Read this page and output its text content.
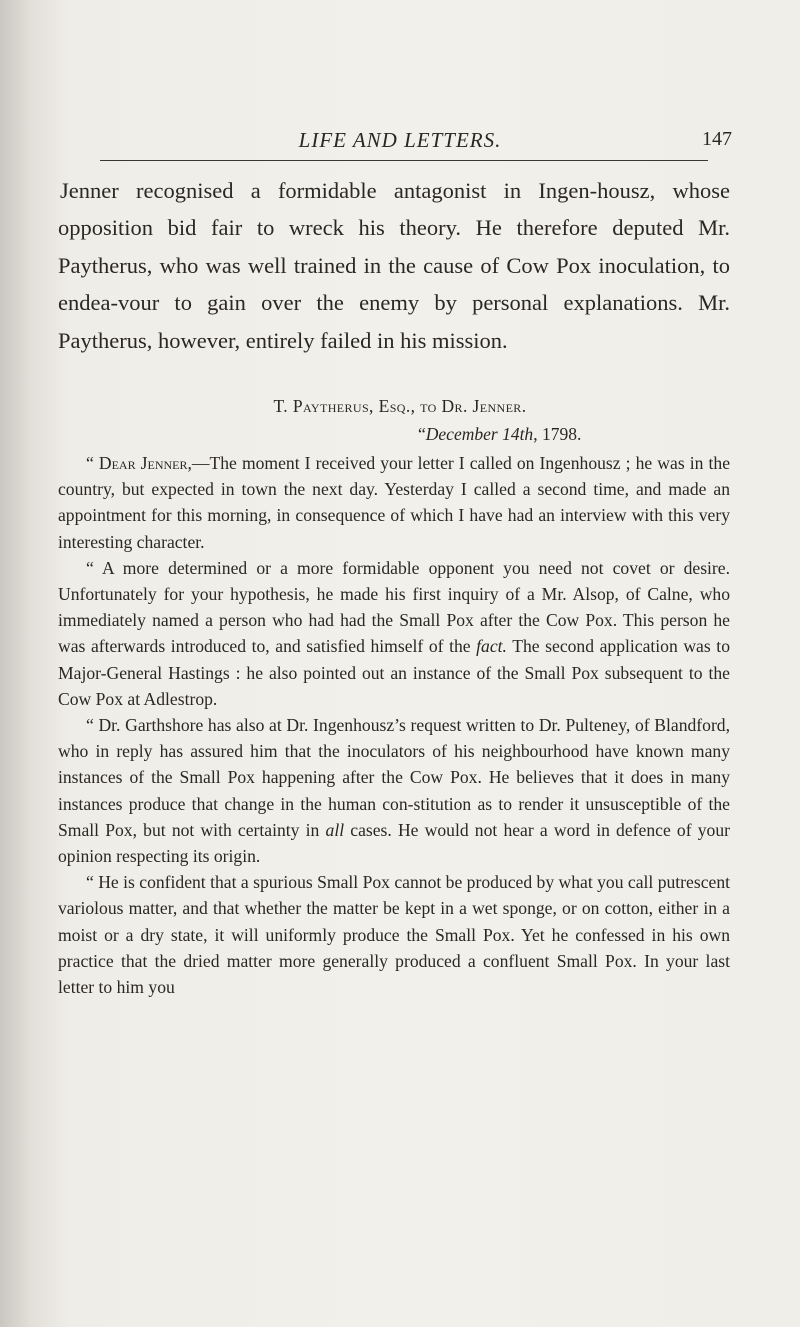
LIFE AND LETTERS.	147

Jenner recognised a formidable antagonist in Ingen-housz, whose opposition bid fair to wreck his theory. He therefore deputed Mr. Paytherus, who was well trained in the cause of Cow Pox inoculation, to endea-vour to gain over the enemy by personal explanations. Mr. Paytherus, however, entirely failed in his mission.

T. Paytherus, Esq., to Dr. Jenner.
“December 14th, 1798.

“ Dear Jenner,—The moment I received your letter I called on Ingenhousz ; he was in the country, but expected in town the next day. Yesterday I called a second time, and made an appointment for this morning, in consequence of which I have had an interview with this very interesting character.

“ A more determined or a more formidable opponent you need not covet or desire. Unfortunately for your hypothesis, he made his first inquiry of a Mr. Alsop, of Calne, who immediately named a person who had had the Small Pox after the Cow Pox. This person he was afterwards introduced to, and satisfied himself of the fact. The second application was to Major-General Hastings : he also pointed out an instance of the Small Pox subsequent to the Cow Pox at Adlestrop.

“ Dr. Garthshore has also at Dr. Ingenhousz’s request written to Dr. Pulteney, of Blandford, who in reply has assured him that the inoculators of his neighbourhood have known many instances of the Small Pox happening after the Cow Pox. He believes that it does in many instances produce that change in the human con-stitution as to render it unsusceptible of the Small Pox, but not with certainty in all cases. He would not hear a word in defence of your opinion respecting its origin.

“ He is confident that a spurious Small Pox cannot be produced by what you call putrescent variolous matter, and that whether the matter be kept in a wet sponge, or on cotton, either in a moist or a dry state, it will uniformly produce the Small Pox. Yet he confessed in his own practice that the dried matter more generally produced a confluent Small Pox. In your last letter to him you
